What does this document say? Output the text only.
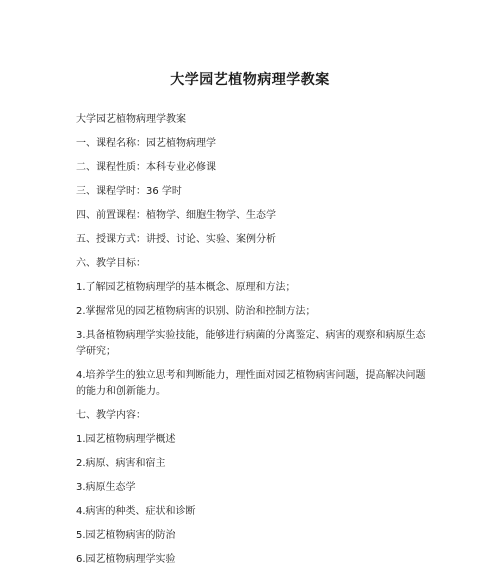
大学园艺植物病理学教案

大学园艺植物病理学教案

一、课程名称：园艺植物病理学

二、课程性质：本科专业必修课

三、课程学时：36 学时

四、前置课程：植物学、细胞生物学、生态学

五、授课方式：讲授、讨论、实验、案例分析

六、教学目标：

1.了解园艺植物病理学的基本概念、原理和方法；

2.掌握常见的园艺植物病害的识别、防治和控制方法；

3.具备植物病理学实验技能，能够进行病菌的分离鉴定、病害的观察和病原生态学研究；

4.培养学生的独立思考和判断能力，理性面对园艺植物病害问题，提高解决问题的能力和创新能力。

七、教学内容：

1.园艺植物病理学概述

2.病原、病害和宿主

3.病原生态学

4.病害的种类、症状和诊断

5.园艺植物病害的防治

6.园艺植物病理学实验
